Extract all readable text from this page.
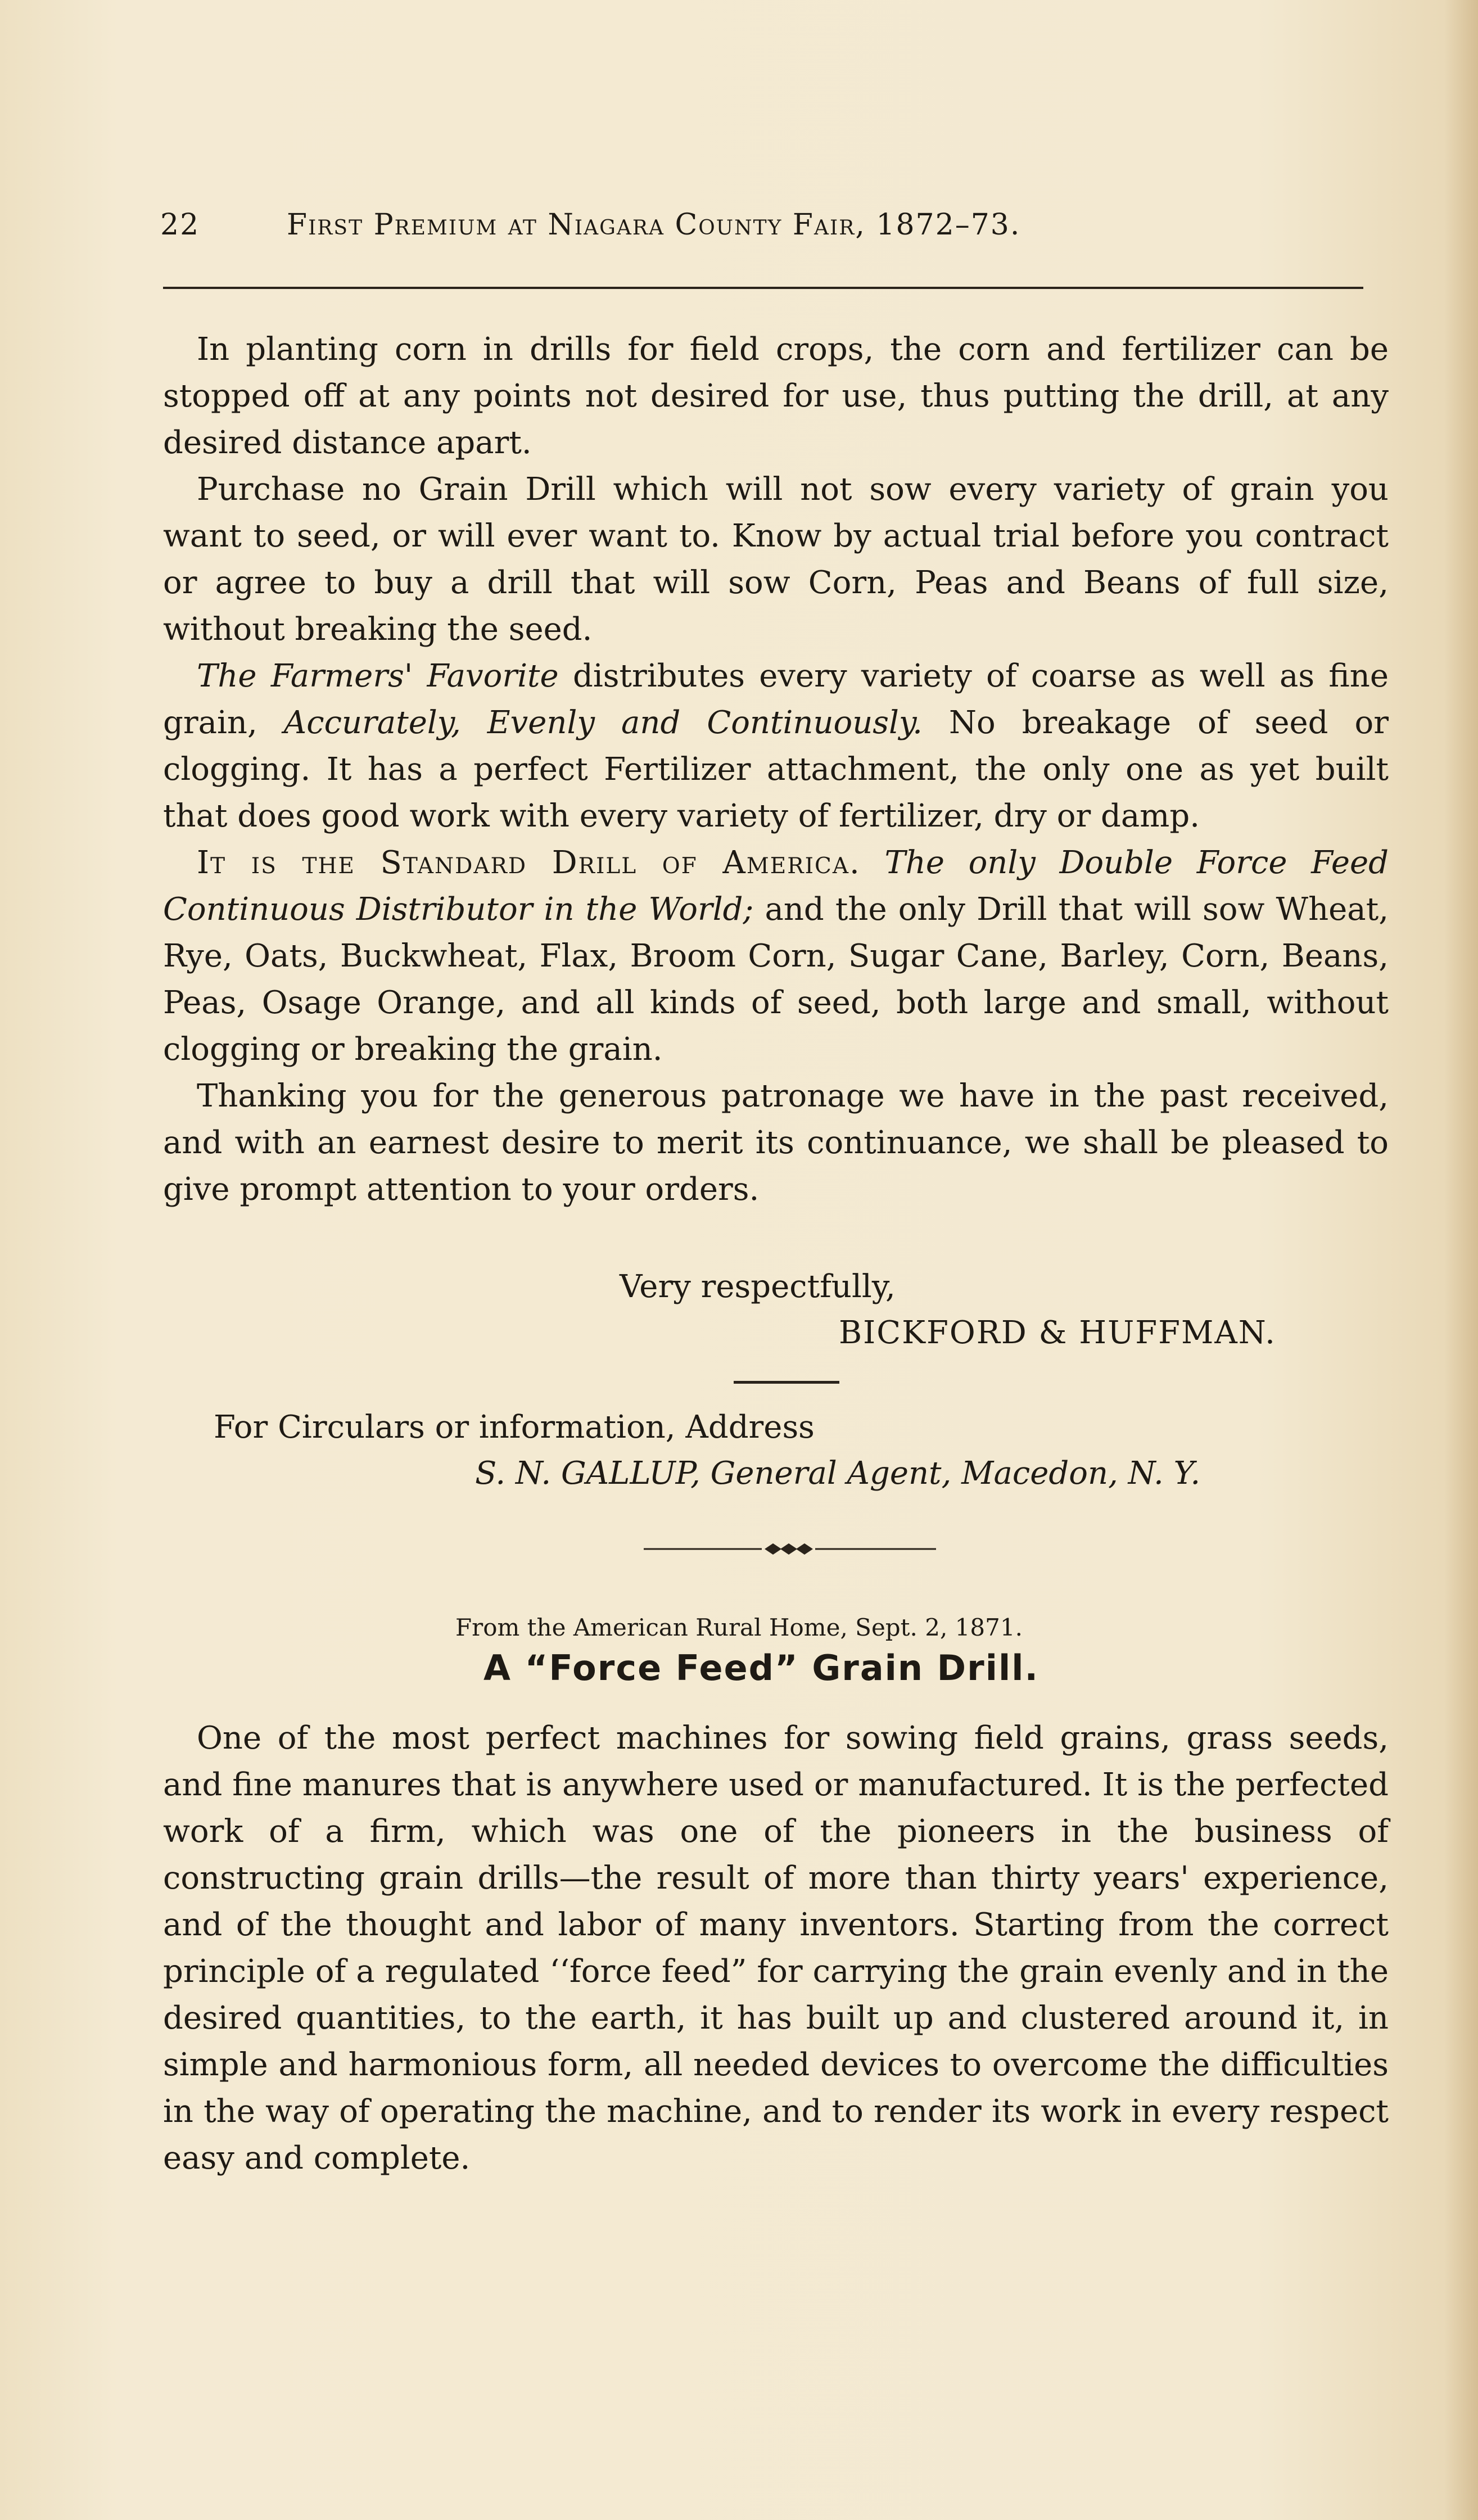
22	First Premium at Niagara County Fair, 1872–73.

In planting corn in drills for field crops, the corn and fertilizer can be stopped off at any points not desired for use, thus putting the drill, at any desired distance apart.

Purchase no Grain Drill which will not sow every variety of grain you want to seed, or will ever want to. Know by actual trial before you contract or agree to buy a drill that will sow Corn, Peas and Beans of full size, without breaking the seed.

The Farmers' Favorite distributes every variety of coarse as well as fine grain, Accurately, Evenly and Continuously. No breakage of seed or clogging. It has a perfect Fertilizer attachment, the only one as yet built that does good work with every variety of fertilizer, dry or damp.

It is the Standard Drill of America. The only Double Force Feed Continuous Distributor in the World; and the only Drill that will sow Wheat, Rye, Oats, Buckwheat, Flax, Broom Corn, Sugar Cane, Barley, Corn, Beans, Peas, Osage Orange, and all kinds of seed, both large and small, without clogging or breaking the grain.

Thanking you for the generous patronage we have in the past received, and with an earnest desire to merit its continuance, we shall be pleased to give prompt attention to your orders.

Very respectfully,
BICKFORD & HUFFMAN.
For Circulars or information, Address
S. N. GALLUP, General Agent, Macedon, N. Y.
From the American Rural Home, Sept. 2, 1871.
A “Force Feed” Grain Drill.

One of the most perfect machines for sowing field grains, grass seeds, and fine manures that is anywhere used or manufactured. It is the perfected work of a firm, which was one of the pioneers in the business of constructing grain drills—the result of more than thirty years' experience, and of the thought and labor of many inventors. Starting from the correct principle of a regulated ‘‘force feed” for carrying the grain evenly and in the desired quantities, to the earth, it has built up and clustered around it, in simple and harmonious form, all needed devices to overcome the difficulties in the way of operating the machine, and to render its work in every respect easy and complete.
